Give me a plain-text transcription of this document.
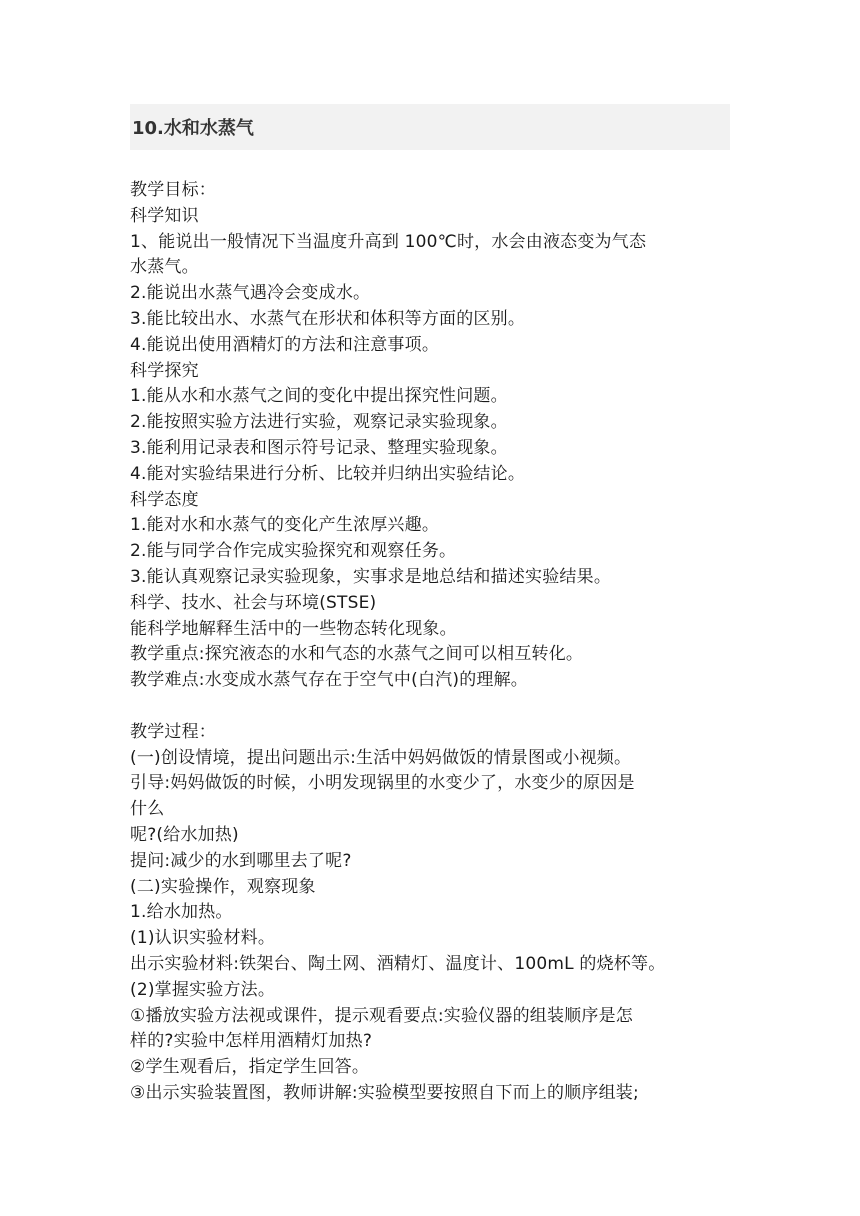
10.水和水蒸气
教学目标：
科学知识
1、能说出一般情况下当温度升高到 100℃时，水会由液态变为气态
水蒸气。
2.能说出水蒸气遇冷会变成水。
3.能比较出水、水蒸气在形状和体积等方面的区别。
4.能说出使用酒精灯的方法和注意事项。
科学探究
1.能从水和水蒸气之间的变化中提出探究性问题。
2.能按照实验方法进行实验，观察记录实验现象。
3.能利用记录表和图示符号记录、整理实验现象。
4.能对实验结果进行分析、比较并归纳出实验结论。
科学态度
1.能对水和水蒸气的变化产生浓厚兴趣。
2.能与同学合作完成实验探究和观察任务。
3.能认真观察记录实验现象，实事求是地总结和描述实验结果。
科学、技水、社会与环境(STSE)
能科学地解释生活中的一些物态转化现象。
教学重点:探究液态的水和气态的水蒸气之间可以相互转化。
教学难点:水变成水蒸气存在于空气中(白汽)的理解。
教学过程：
(一)创设情境，提出问题出示:生活中妈妈做饭的情景图或小视频。
引导:妈妈做饭的时候，小明发现锅里的水变少了，水变少的原因是
什么
呢?(给水加热)
提问:减少的水到哪里去了呢?
(二)实验操作，观察现象
1.给水加热。
(1)认识实验材料。
出示实验材料:铁架台、陶土网、酒精灯、温度计、100mL 的烧杯等。
(2)掌握实验方法。
①播放实验方法视或课件，提示观看要点:实验仪器的组装顺序是怎
样的?实验中怎样用酒精灯加热?
②学生观看后，指定学生回答。
③出示实验装置图，教师讲解:实验模型要按照自下而上的顺序组装;
